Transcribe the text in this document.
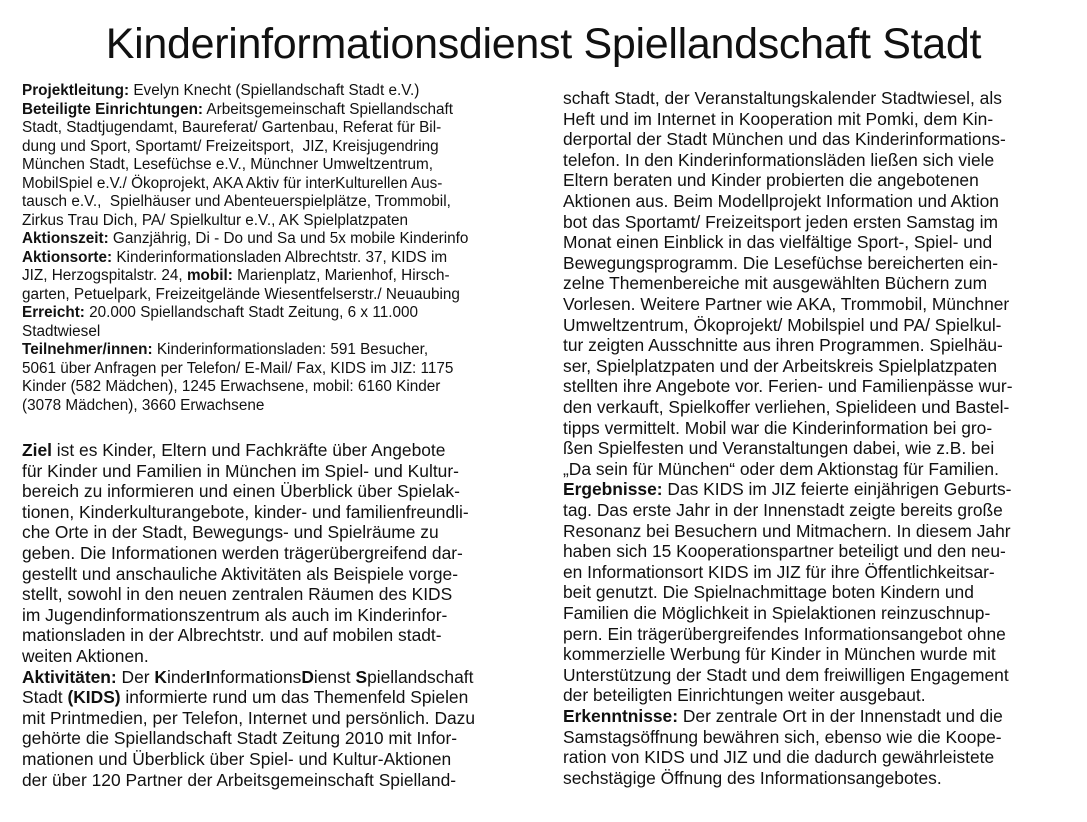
Kinderinformationsdienst Spiellandschaft Stadt
Projektleitung: Evelyn Knecht (Spiellandschaft Stadt e.V.)
Beteiligte Einrichtungen: Arbeitsgemeinschaft Spiellandschaft
Stadt, Stadtjugendamt, Baureferat/ Gartenbau, Referat für Bil-
dung und Sport, Sportamt/ Freizeitsport,  JIZ, Kreisjugendring
München Stadt, Lesefüchse e.V., Münchner Umweltzentrum,
MobilSpiel e.V./ Ökoprojekt, AKA Aktiv für interKulturellen Aus-
tausch e.V.,  Spielhäuser und Abenteuerspielplätze, Trommobil,
Zirkus Trau Dich, PA/ Spielkultur e.V., AK Spielplatzpaten
Aktionszeit: Ganzjährig, Di - Do und Sa und 5x mobile Kinderinfo
Aktionsorte: Kinderinformationsladen Albrechtstr. 37, KIDS im
JIZ, Herzogspitalstr. 24, mobil: Marienplatz, Marienhof, Hirsch-
garten, Petuelpark, Freizeitgelände Wiesentfelserstr./ Neuaubing
Erreicht: 20.000 Spiellandschaft Stadt Zeitung, 6 x 11.000
Stadtwiesel
Teilnehmer/innen: Kinderinformationsladen: 591 Besucher,
5061 über Anfragen per Telefon/ E-Mail/ Fax, KIDS im JIZ: 1175
Kinder (582 Mädchen), 1245 Erwachsene, mobil: 6160 Kinder
(3078 Mädchen), 3660 Erwachsene
Ziel ist es Kinder, Eltern und Fachkräfte über Angebote
für Kinder und Familien in München im Spiel- und Kultur-
bereich zu informieren und einen Überblick über Spielak-
tionen, Kinderkulturangebote, kinder- und familienfreundli-
che Orte in der Stadt, Bewegungs- und Spielräume zu
geben. Die Informationen werden trägerübergreifend dar-
gestellt und anschauliche Aktivitäten als Beispiele vorge-
stellt, sowohl in den neuen zentralen Räumen des KIDS
im Jugendinformationszentrum als auch im Kinderinfor-
mationsladen in der Albrechtstr. und auf mobilen stadt-
weiten Aktionen.
Aktivitäten: Der KinderInformationsDienst Spiellandschaft
Stadt (KIDS) informierte rund um das Themenfeld Spielen
mit Printmedien, per Telefon, Internet und persönlich. Dazu
gehörte die Spiellandschaft Stadt Zeitung 2010 mit Infor-
mationen und Überblick über Spiel- und Kultur-Aktionen
der über 120 Partner der Arbeitsgemeinschaft Spielland-
schaft Stadt, der Veranstaltungskalender Stadtwiesel, als
Heft und im Internet in Kooperation mit Pomki, dem Kin-
derportal der Stadt München und das Kinderinformations-
telefon. In den Kinderinformationsläden ließen sich viele
Eltern beraten und Kinder probierten die angebotenen
Aktionen aus. Beim Modellprojekt Information und Aktion
bot das Sportamt/ Freizeitsport jeden ersten Samstag im
Monat einen Einblick in das vielfältige Sport-, Spiel- und
Bewegungsprogramm. Die Lesefüchse bereicherten ein-
zelne Themenbereiche mit ausgewählten Büchern zum
Vorlesen. Weitere Partner wie AKA, Trommobil, Münchner
Umweltzentrum, Ökoprojekt/ Mobilspiel und PA/ Spielkul-
tur zeigten Ausschnitte aus ihren Programmen. Spielhäu-
ser, Spielplatzpaten und der Arbeitskreis Spielplatzpaten
stellten ihre Angebote vor. Ferien- und Familienpässe wur-
den verkauft, Spielkoffer verliehen, Spielideen und Bastel-
tipps vermittelt. Mobil war die Kinderinformation bei gro-
ßen Spielfesten und Veranstaltungen dabei, wie z.B. bei
„Da sein für München“ oder dem Aktionstag für Familien.
Ergebnisse: Das KIDS im JIZ feierte einjährigen Geburts-
tag. Das erste Jahr in der Innenstadt zeigte bereits große
Resonanz bei Besuchern und Mitmachern. In diesem Jahr
haben sich 15 Kooperationspartner beteiligt und den neu-
en Informationsort KIDS im JIZ für ihre Öffentlichkeitsar-
beit genutzt. Die Spielnachmittage boten Kindern und
Familien die Möglichkeit in Spielaktionen reinzuschnup-
pern. Ein trägerübergreifendes Informationsangebot ohne
kommerzielle Werbung für Kinder in München wurde mit
Unterstützung der Stadt und dem freiwilligen Engagement
der beteiligten Einrichtungen weiter ausgebaut.
Erkenntnisse: Der zentrale Ort in der Innenstadt und die
Samstagsöffnung bewähren sich, ebenso wie die Koope-
ration von KIDS und JIZ und die dadurch gewährleistete
sechstägige Öffnung des Informationsangebotes.
